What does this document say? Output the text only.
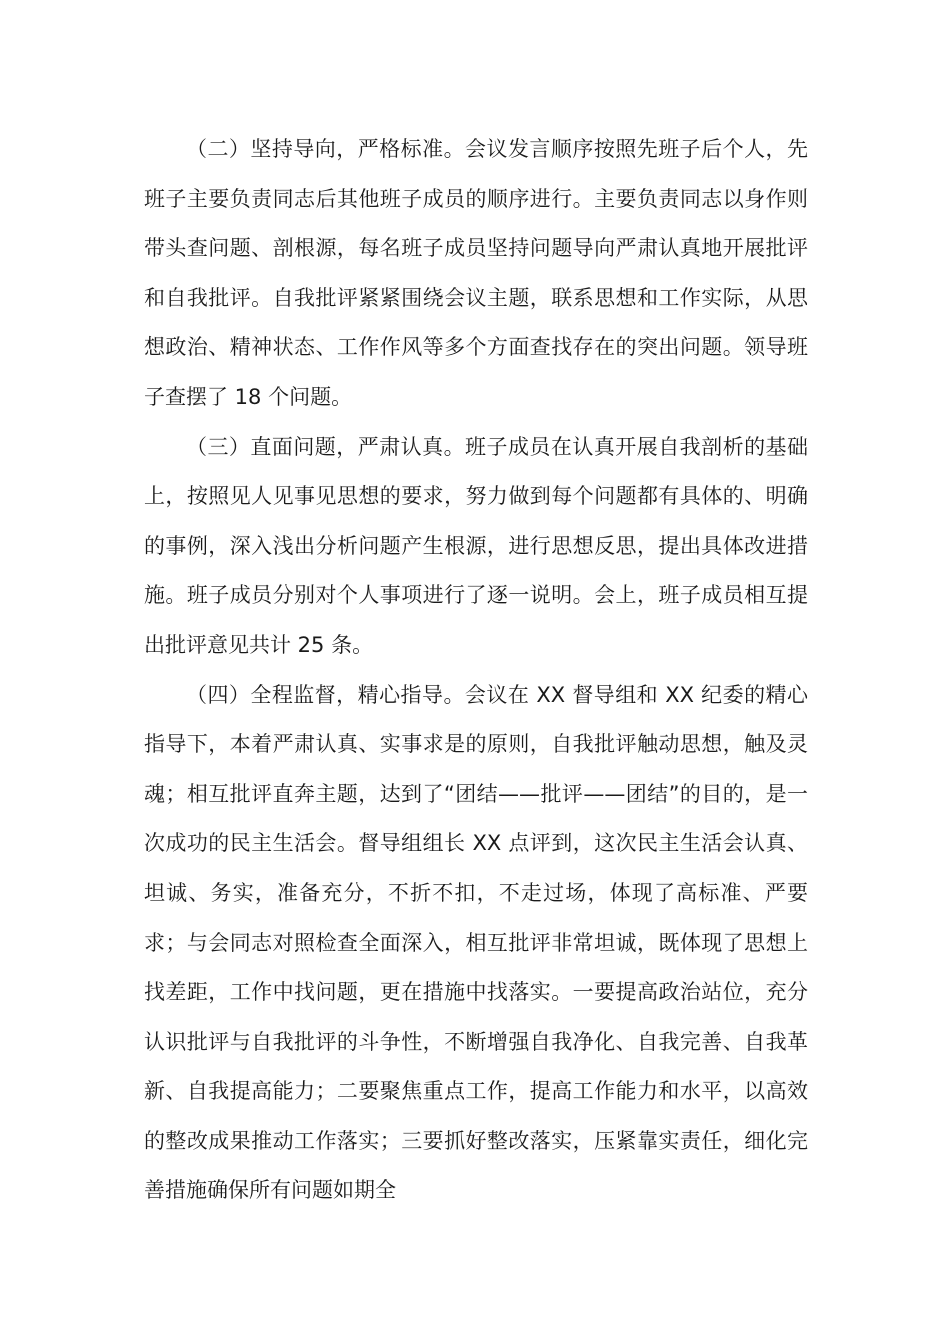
（二）坚持导向，严格标准。会议发言顺序按照先班子后个人，先班子主要负责同志后其他班子成员的顺序进行。主要负责同志以身作则带头查问题、剖根源，每名班子成员坚持问题导向严肃认真地开展批评和自我批评。自我批评紧紧围绕会议主题，联系思想和工作实际，从思想政治、精神状态、工作作风等多个方面查找存在的突出问题。领导班子查摆了 18 个问题。

（三）直面问题，严肃认真。班子成员在认真开展自我剖析的基础上，按照见人见事见思想的要求，努力做到每个问题都有具体的、明确的事例，深入浅出分析问题产生根源，进行思想反思，提出具体改进措施。班子成员分别对个人事项进行了逐一说明。会上，班子成员相互提出批评意见共计 25 条。

（四）全程监督，精心指导。会议在 XX 督导组和 XX 纪委的精心指导下，本着严肃认真、实事求是的原则，自我批评触动思想，触及灵魂；相互批评直奔主题，达到了“团结——批评——团结”的目的，是一次成功的民主生活会。督导组组长 XX 点评到，这次民主生活会认真、坦诚、务实，准备充分，不折不扣，不走过场，体现了高标准、严要求；与会同志对照检查全面深入，相互批评非常坦诚，既体现了思想上找差距，工作中找问题，更在措施中找落实。一要提高政治站位，充分认识批评与自我批评的斗争性，不断增强自我净化、自我完善、自我革新、自我提高能力；二要聚焦重点工作，提高工作能力和水平，以高效的整改成果推动工作落实；三要抓好整改落实，压紧靠实责任，细化完善措施确保所有问题如期全
